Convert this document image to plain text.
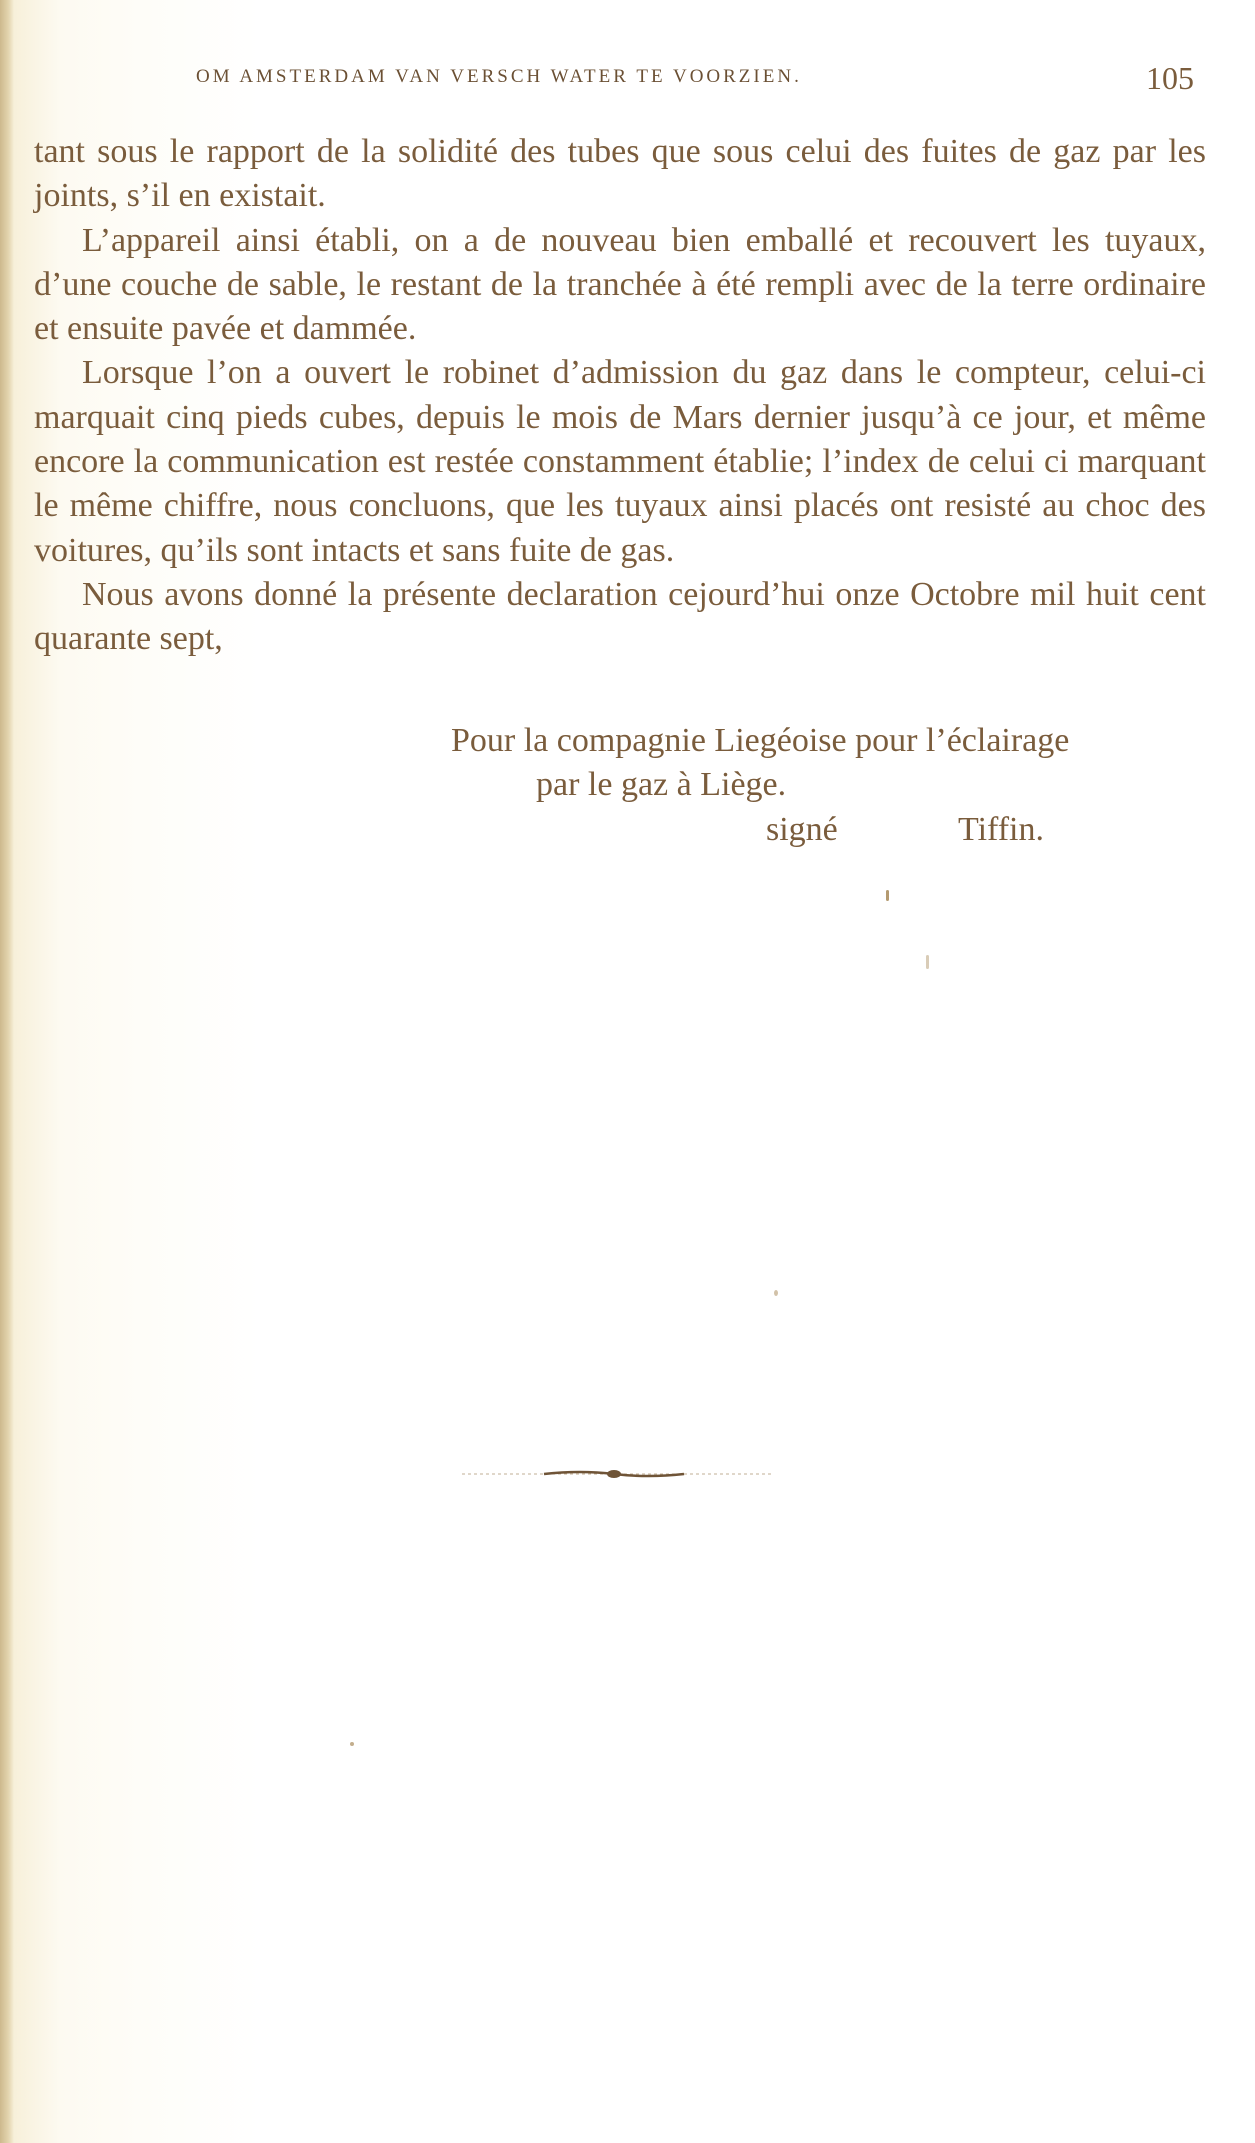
OM AMSTERDAM VAN VERSCH WATER TE VOORZIEN.	105

tant sous le rapport de la solidité des tubes que sous celui des fuites de gaz par les joints, s’il en existait.

L’appareil ainsi établi, on a de nouveau bien emballé et recouvert les tuyaux, d’une couche de sable, le restant de la tranchée à été rempli avec de la terre ordinaire et ensuite pavée et dammée.

Lorsque l’on a ouvert le robinet d’admission du gaz dans le compteur, celui-ci marquait cinq pieds cubes, depuis le mois de Mars dernier jusqu’à ce jour, et même encore la communication est restée constamment établie; l’index de celui ci marquant le même chiffre, nous concluons, que les tuyaux ainsi placés ont resisté au choc des voitures, qu’ils sont intacts et sans fuite de gas.

Nous avons donné la présente declaration cejourd’hui onze Octobre mil huit cent quarante sept,

Pour la compagnie Liegéoise pour l’éclairage
par le gaz à Liège.
signé	Tiffin.
